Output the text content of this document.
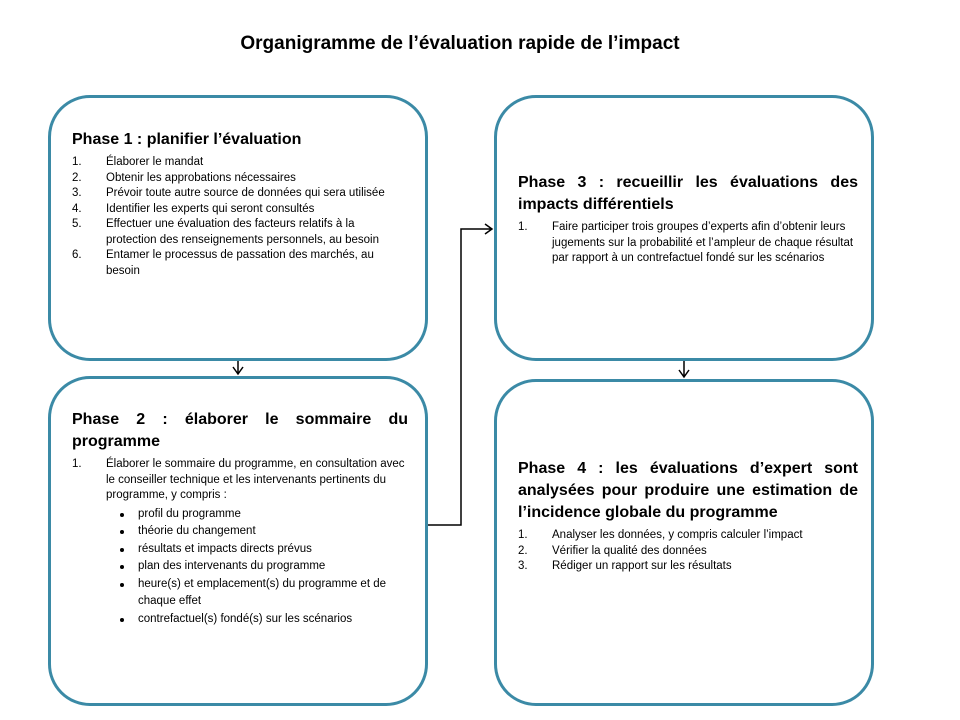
Organigramme de l’évaluation rapide de l’impact
Phase 1 : planifier l’évaluation
Élaborer le mandat
Obtenir les approbations nécessaires
Prévoir toute autre source de données qui sera utilisée
Identifier les experts qui seront consultés
Effectuer une évaluation des facteurs relatifs à la protection des renseignements personnels, au besoin
Entamer le processus de passation des marchés, au besoin
Phase 2 : élaborer le sommaire du programme
Élaborer le sommaire du programme, en consultation avec le conseiller technique et les intervenants pertinents du programme, y compris :
profil du programme
théorie du changement
résultats et impacts directs prévus
plan des intervenants du programme
heure(s) et emplacement(s) du programme et de chaque effet
contrefactuel(s) fondé(s) sur les scénarios
Phase 3 : recueillir les évaluations des impacts différentiels
Faire participer trois groupes d’experts afin d’obtenir leurs jugements sur la probabilité et l’ampleur de chaque résultat par rapport à un contrefactuel fondé sur les scénarios
Phase 4 : les évaluations d’expert sont analysées pour produire une estimation de l’incidence globale du programme
Analyser les données, y compris calculer l’impact
Vérifier la qualité des données
Rédiger un rapport sur les résultats
